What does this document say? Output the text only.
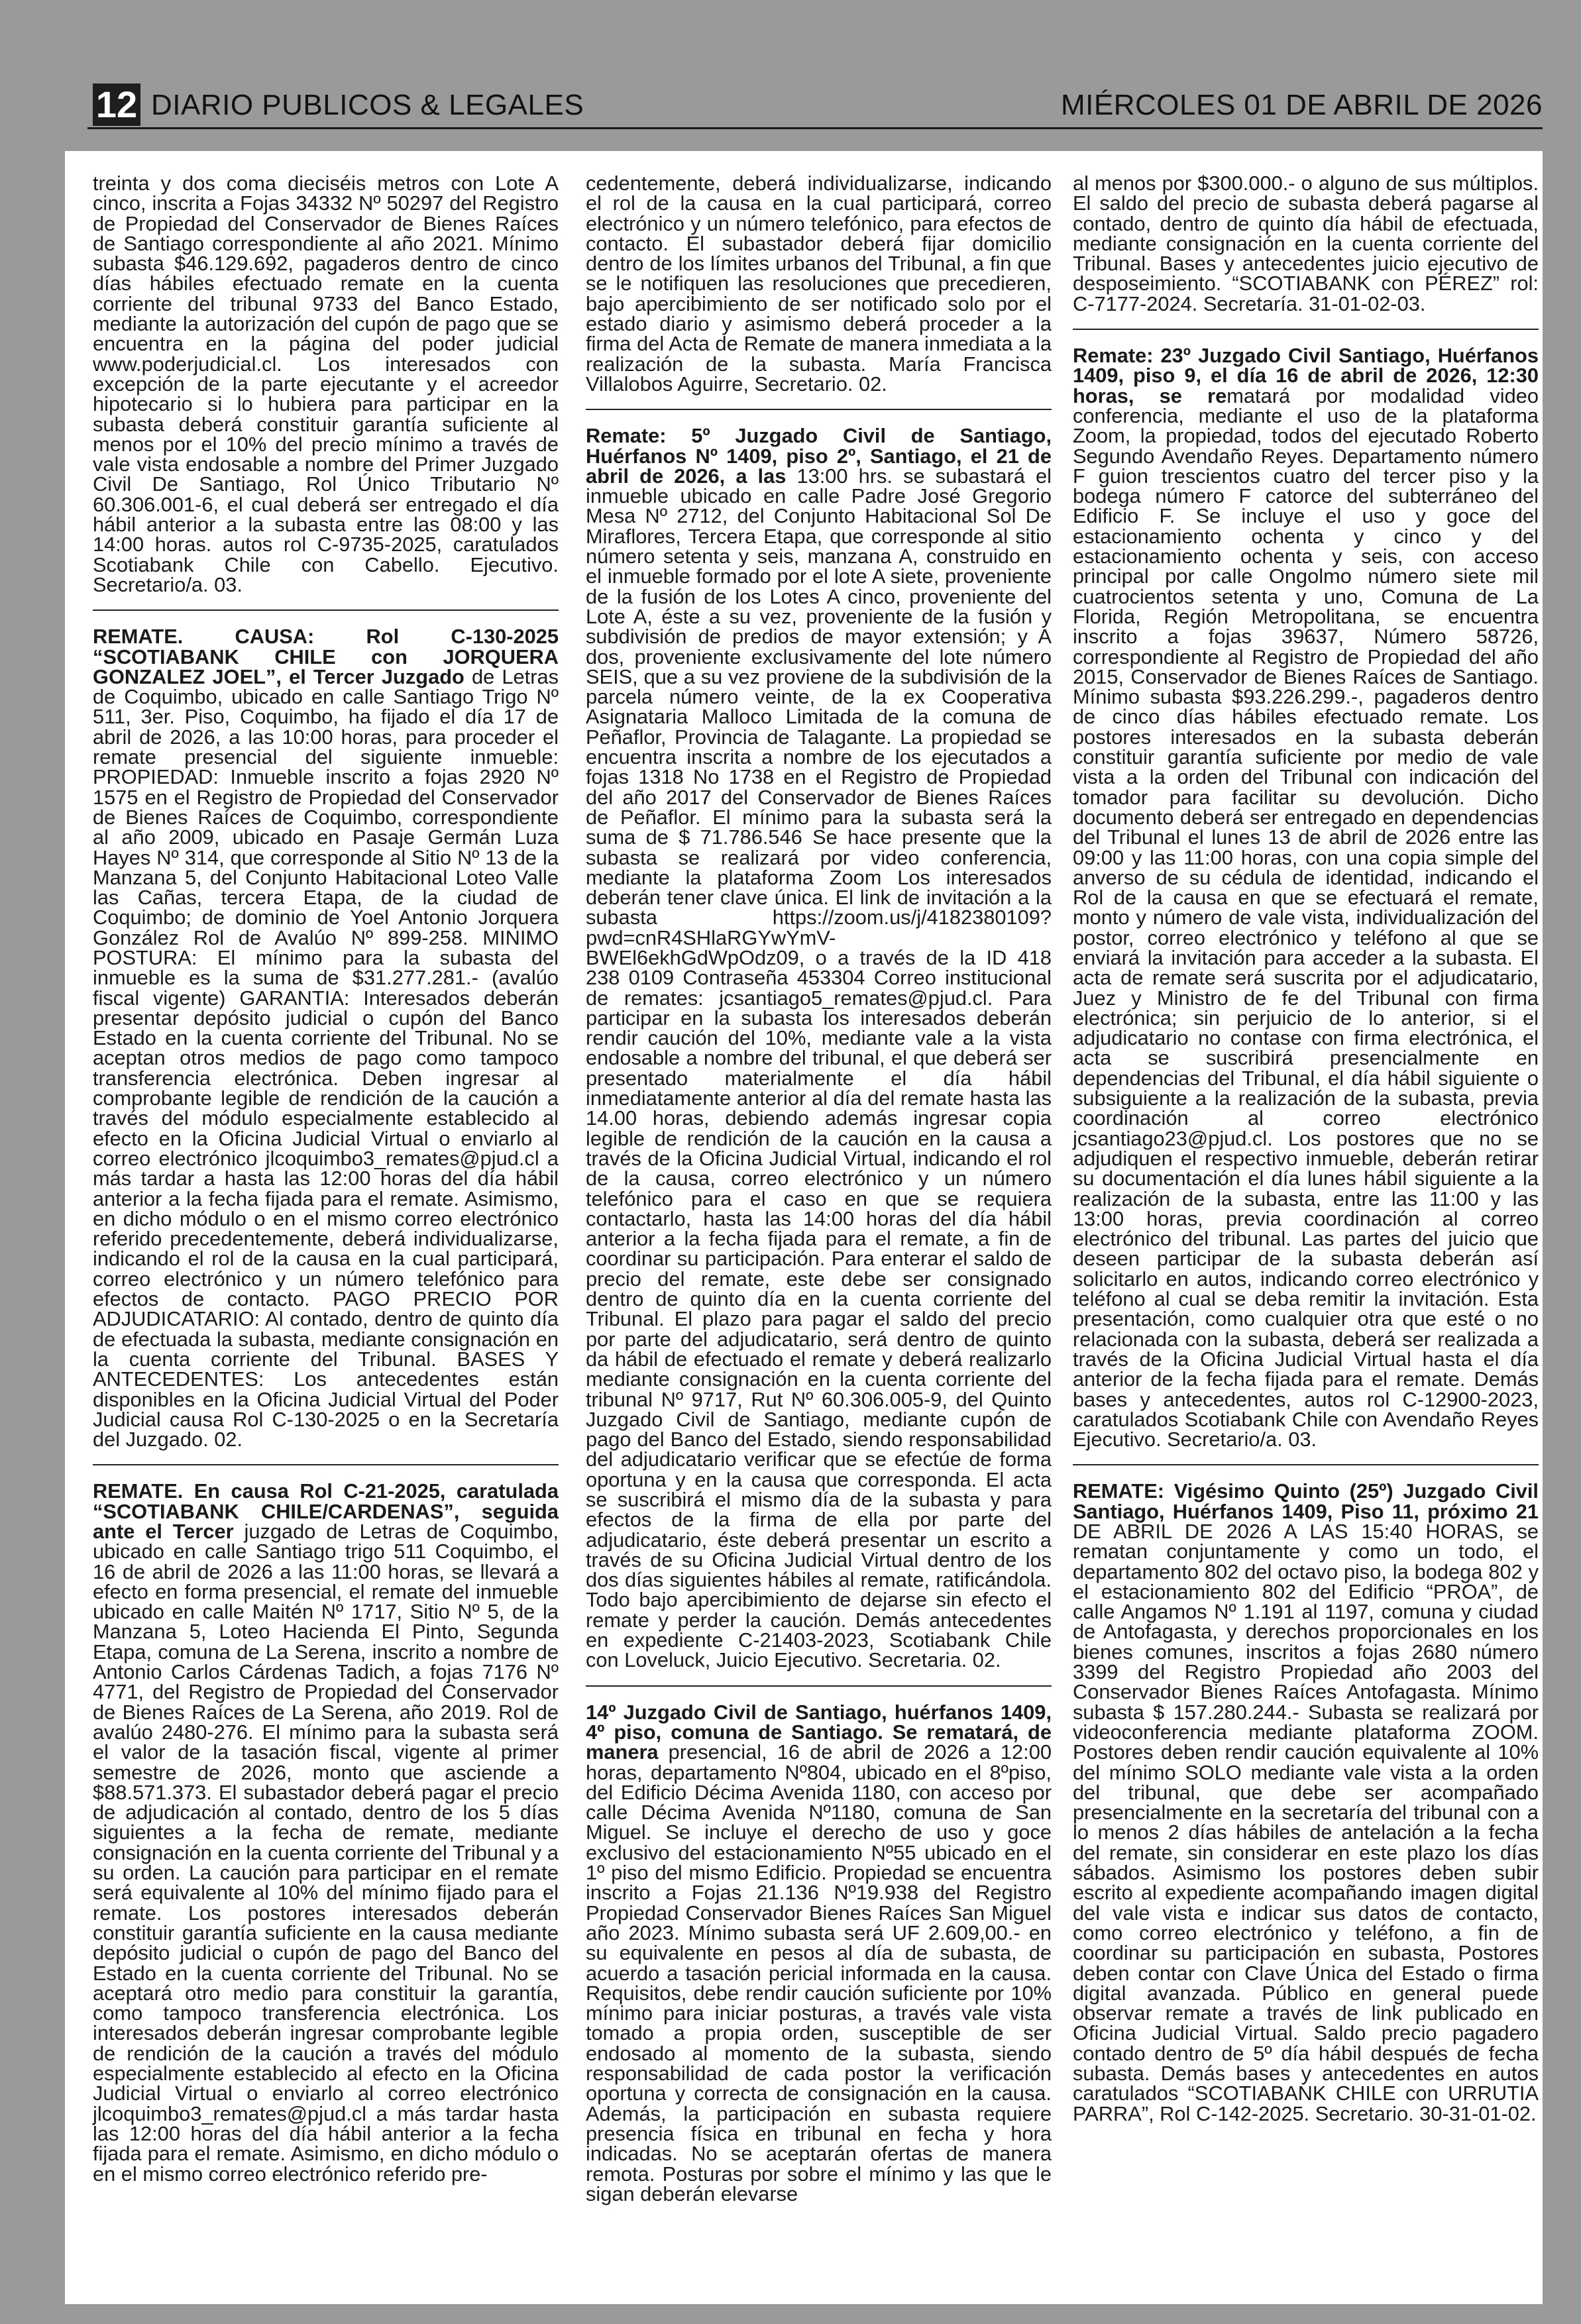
12 DIARIO PUBLICOS & LEGALES	MIÉRCOLES 01 DE ABRIL DE 2026

treinta y dos coma dieciséis metros con Lote A cinco, inscrita a Fojas 34332 Nº 50297 del Registro de Propiedad del Conservador de Bienes Raíces de Santiago correspondiente al año 2021. Mínimo subasta $46.129.692, pagaderos dentro de cinco días hábiles efectuado remate en la cuenta corriente del tribunal 9733 del Banco Estado, mediante la autorización del cupón de pago que se encuentra en la página del poder judicial www.poderjudicial.cl. Los interesados con excepción de la parte ejecutante y el acreedor hipotecario si lo hubiera para participar en la subasta deberá constituir garantía suficiente al menos por el 10% del precio mínimo a través de vale vista endosable a nombre del Primer Juzgado Civil De Santiago, Rol Único Tributario Nº 60.306.001-6, el cual deberá ser entregado el día hábil anterior a la subasta entre las 08:00 y las 14:00 horas. autos rol C-9735-2025, caratulados Scotiabank Chile con Cabello. Ejecutivo. Secretario/a. 03.

REMATE. CAUSA: Rol C-130-2025 “SCOTIABANK CHILE con JORQUERA GONZALEZ JOEL”, el Tercer Juzgado de Letras de Coquimbo, ubicado en calle Santiago Trigo Nº 511, 3er. Piso, Coquimbo, ha fijado el día 17 de abril de 2026, a las 10:00 horas, para proceder el remate presencial del siguiente inmueble: PROPIEDAD: Inmueble inscrito a fojas 2920 Nº 1575 en el Registro de Propiedad del Conservador de Bienes Raíces de Coquimbo, correspondiente al año 2009, ubicado en Pasaje Germán Luza Hayes Nº 314, que corresponde al Sitio Nº 13 de la Manzana 5, del Conjunto Habitacional Loteo Valle las Cañas, tercera Etapa, de la ciudad de Coquimbo; de dominio de Yoel Antonio Jorquera González Rol de Avalúo Nº 899-258. MINIMO POSTURA: El mínimo para la subasta del inmueble es la suma de $31.277.281.- (avalúo fiscal vigente) GARANTIA: Interesados deberán presentar depósito judicial o cupón del Banco Estado en la cuenta corriente del Tribunal. No se aceptan otros medios de pago como tampoco transferencia electrónica. Deben ingresar al comprobante legible de rendición de la caución a través del módulo especialmente establecido al efecto en la Oficina Judicial Virtual o enviarlo al correo electrónico jlcoquimbo3_remates@pjud.cl a más tardar a hasta las 12:00 horas del día hábil anterior a la fecha fijada para el remate. Asimismo, en dicho módulo o en el mismo correo electrónico referido precedentemente, deberá individualizarse, indicando el rol de la causa en la cual participará, correo electrónico y un número telefónico para efectos de contacto. PAGO PRECIO POR ADJUDICATARIO: Al contado, dentro de quinto día de efectuada la subasta, mediante consignación en la cuenta corriente del Tribunal. BASES Y ANTECEDENTES: Los antecedentes están disponibles en la Oficina Judicial Virtual del Poder Judicial causa Rol C-130-2025 o en la Secretaría del Juzgado. 02.

REMATE. En causa Rol C-21-2025, caratulada “SCOTIABANK CHILE/CARDENAS”, seguida ante el Tercer juzgado de Letras de Coquimbo, ubicado en calle Santiago trigo 511 Coquimbo, el 16 de abril de 2026 a las 11:00 horas, se llevará a efecto en forma presencial, el remate del inmueble ubicado en calle Maitén Nº 1717, Sitio Nº 5, de la Manzana 5, Loteo Hacienda El Pinto, Segunda Etapa, comuna de La Serena, inscrito a nombre de Antonio Carlos Cárdenas Tadich, a fojas 7176 Nº 4771, del Registro de Propiedad del Conservador de Bienes Raíces de La Serena, año 2019. Rol de avalúo 2480-276. El mínimo para la subasta será el valor de la tasación fiscal, vigente al primer semestre de 2026, monto que asciende a $88.571.373. El subastador deberá pagar el precio de adjudicación al contado, dentro de los 5 días siguientes a la fecha de remate, mediante consignación en la cuenta corriente del Tribunal y a su orden. La caución para participar en el remate será equivalente al 10% del mínimo fijado para el remate. Los postores interesados deberán constituir garantía suficiente en la causa mediante depósito judicial o cupón de pago del Banco del Estado en la cuenta corriente del Tribunal. No se aceptará otro medio para constituir la garantía, como tampoco transferencia electrónica. Los interesados deberán ingresar comprobante legible de rendición de la caución a través del módulo especialmente establecido al efecto en la Oficina Judicial Virtual o enviarlo al correo electrónico jlcoquimbo3_remates@pjud.cl a más tardar hasta las 12:00 horas del día hábil anterior a la fecha fijada para el remate. Asimismo, en dicho módulo o en el mismo correo electrónico referido pre-

cedentemente, deberá individualizarse, indicando el rol de la causa en la cual participará, correo electrónico y un número telefónico, para efectos de contacto. El subastador deberá fijar domicilio dentro de los límites urbanos del Tribunal, a fin que se le notifiquen las resoluciones que precedieren, bajo apercibimiento de ser notificado solo por el estado diario y asimismo deberá proceder a la firma del Acta de Remate de manera inmediata a la realización de la subasta. María Francisca Villalobos Aguirre, Secretario. 02.

Remate: 5º Juzgado Civil de Santiago, Huérfanos Nº 1409, piso 2º, Santiago, el 21 de abril de 2026, a las 13:00 hrs. se subastará el inmueble ubicado en calle Padre José Gregorio Mesa Nº 2712, del Conjunto Habitacional Sol De Miraflores, Tercera Etapa, que corresponde al sitio número setenta y seis, manzana A, construido en el inmueble formado por el lote A siete, proveniente de la fusión de los Lotes A cinco, proveniente del Lote A, éste a su vez, proveniente de la fusión y subdivisión de predios de mayor extensión; y A dos, proveniente exclusivamente del lote número SEIS, que a su vez proviene de la subdivisión de la parcela número veinte, de la ex Cooperativa Asignataria Malloco Limitada de la comuna de Peñaflor, Provincia de Talagante. La propiedad se encuentra inscrita a nombre de los ejecutados a fojas 1318 No 1738 en el Registro de Propiedad del año 2017 del Conservador de Bienes Raíces de Peñaflor. El mínimo para la subasta será la suma de $ 71.786.546 Se hace presente que la subasta se realizará por video conferencia, mediante la plataforma Zoom Los interesados deberán tener clave única. El link de invitación a la subasta https://zoom.us/j/4182380109?pwd=cnR4SHlaRGYwYmV-BWEl6ekhGdWpOdz09, o a través de la ID 418 238 0109 Contraseña 453304 Correo institucional de remates: jcsantiago5_remates@pjud.cl. Para participar en la subasta los interesados deberán rendir caución del 10%, mediante vale a la vista endosable a nombre del tribunal, el que deberá ser presentado materialmente el día hábil inmediatamente anterior al día del remate hasta las 14.00 horas, debiendo además ingresar copia legible de rendición de la caución en la causa a través de la Oficina Judicial Virtual, indicando el rol de la causa, correo electrónico y un número telefónico para el caso en que se requiera contactarlo, hasta las 14:00 horas del día hábil anterior a la fecha fijada para el remate, a fin de coordinar su participación. Para enterar el saldo de precio del remate, este debe ser consignado dentro de quinto día en la cuenta corriente del Tribunal. El plazo para pagar el saldo del precio por parte del adjudicatario, será dentro de quinto da hábil de efectuado el remate y deberá realizarlo mediante consignación en la cuenta corriente del tribunal Nº 9717, Rut Nº 60.306.005-9, del Quinto Juzgado Civil de Santiago, mediante cupón de pago del Banco del Estado, siendo responsabilidad del adjudicatario verificar que se efectúe de forma oportuna y en la causa que corresponda. El acta se suscribirá el mismo día de la subasta y para efectos de la firma de ella por parte del adjudicatario, éste deberá presentar un escrito a través de su Oficina Judicial Virtual dentro de los dos días siguientes hábiles al remate, ratificándola. Todo bajo apercibimiento de dejarse sin efecto el remate y perder la caución. Demás antecedentes en expediente C-21403-2023, Scotiabank Chile con Loveluck, Juicio Ejecutivo. Secretaria. 02.

14º Juzgado Civil de Santiago, huérfanos 1409, 4º piso, comuna de Santiago. Se rematará, de manera presencial, 16 de abril de 2026 a 12:00 horas, departamento Nº804, ubicado en el 8ºpiso, del Edificio Décima Avenida 1180, con acceso por calle Décima Avenida Nº1180, comuna de San Miguel. Se incluye el derecho de uso y goce exclusivo del estacionamiento Nº55 ubicado en el 1º piso del mismo Edificio. Propiedad se encuentra inscrito a Fojas 21.136 Nº19.938 del Registro Propiedad Conservador Bienes Raíces San Miguel año 2023. Mínimo subasta será UF 2.609,00.- en su equivalente en pesos al día de subasta, de acuerdo a tasación pericial informada en la causa. Requisitos, debe rendir caución suficiente por 10% mínimo para iniciar posturas, a través vale vista tomado a propia orden, susceptible de ser endosado al momento de la subasta, siendo responsabilidad de cada postor la verificación oportuna y correcta de consignación en la causa. Además, la participación en subasta requiere presencia física en tribunal en fecha y hora indicadas. No se aceptarán ofertas de manera remota. Posturas por sobre el mínimo y las que le sigan deberán elevarse

al menos por $300.000.- o alguno de sus múltiplos. El saldo del precio de subasta deberá pagarse al contado, dentro de quinto día hábil de efectuada, mediante consignación en la cuenta corriente del Tribunal. Bases y antecedentes juicio ejecutivo de desposeimiento. “SCOTIABANK con PÉREZ” rol: C-7177-2024. Secretaría. 31-01-02-03.

Remate: 23º Juzgado Civil Santiago, Huérfanos 1409, piso 9, el día 16 de abril de 2026, 12:30 horas, se rematará por modalidad video conferencia, mediante el uso de la plataforma Zoom, la propiedad, todos del ejecutado Roberto Segundo Avendaño Reyes. Departamento número F guion trescientos cuatro del tercer piso y la bodega número F catorce del subterráneo del Edificio F. Se incluye el uso y goce del estacionamiento ochenta y cinco y del estacionamiento ochenta y seis, con acceso principal por calle Ongolmo número siete mil cuatrocientos setenta y uno, Comuna de La Florida, Región Metropolitana, se encuentra inscrito a fojas 39637, Número 58726, correspondiente al Registro de Propiedad del año 2015, Conservador de Bienes Raíces de Santiago. Mínimo subasta $93.226.299.-, pagaderos dentro de cinco días hábiles efectuado remate. Los postores interesados en la subasta deberán constituir garantía suficiente por medio de vale vista a la orden del Tribunal con indicación del tomador para facilitar su devolución. Dicho documento deberá ser entregado en dependencias del Tribunal el lunes 13 de abril de 2026 entre las 09:00 y las 11:00 horas, con una copia simple del anverso de su cédula de identidad, indicando el Rol de la causa en que se efectuará el remate, monto y número de vale vista, individualización del postor, correo electrónico y teléfono al que se enviará la invitación para acceder a la subasta. El acta de remate será suscrita por el adjudicatario, Juez y Ministro de fe del Tribunal con firma electrónica; sin perjuicio de lo anterior, si el adjudicatario no contase con firma electrónica, el acta se suscribirá presencialmente en dependencias del Tribunal, el día hábil siguiente o subsiguiente a la realización de la subasta, previa coordinación al correo electrónico jcsantiago23@pjud.cl. Los postores que no se adjudiquen el respectivo inmueble, deberán retirar su documentación el día lunes hábil siguiente a la realización de la subasta, entre las 11:00 y las 13:00 horas, previa coordinación al correo electrónico del tribunal. Las partes del juicio que deseen participar de la subasta deberán así solicitarlo en autos, indicando correo electrónico y teléfono al cual se deba remitir la invitación. Esta presentación, como cualquier otra que esté o no relacionada con la subasta, deberá ser realizada a través de la Oficina Judicial Virtual hasta el día anterior de la fecha fijada para el remate. Demás bases y antecedentes, autos rol C-12900-2023, caratulados Scotiabank Chile con Avendaño Reyes Ejecutivo. Secretario/a. 03.

REMATE: Vigésimo Quinto (25º) Juzgado Civil Santiago, Huérfanos 1409, Piso 11, próximo 21 DE ABRIL DE 2026 A LAS 15:40 HORAS, se rematan conjuntamente y como un todo, el departamento 802 del octavo piso, la bodega 802 y el estacionamiento 802 del Edificio “PROA”, de calle Angamos Nº 1.191 al 1197, comuna y ciudad de Antofagasta, y derechos proporcionales en los bienes comunes, inscritos a fojas 2680 número 3399 del Registro Propiedad año 2003 del Conservador Bienes Raíces Antofagasta. Mínimo subasta $ 157.280.244.- Subasta se realizará por videoconferencia mediante plataforma ZOOM. Postores deben rendir caución equivalente al 10% del mínimo SOLO mediante vale vista a la orden del tribunal, que debe ser acompañado presencialmente en la secretaría del tribunal con a lo menos 2 días hábiles de antelación a la fecha del remate, sin considerar en este plazo los días sábados. Asimismo los postores deben subir escrito al expediente acompañando imagen digital del vale vista e indicar sus datos de contacto, como correo electrónico y teléfono, a fin de coordinar su participación en subasta, Postores deben contar con Clave Única del Estado o firma digital avanzada. Público en general puede observar remate a través de link publicado en Oficina Judicial Virtual. Saldo precio pagadero contado dentro de 5º día hábil después de fecha subasta. Demás bases y antecedentes en autos caratulados “SCOTIABANK CHILE con URRUTIA PARRA”, Rol C-142-2025. Secretario. 30-31-01-02.
